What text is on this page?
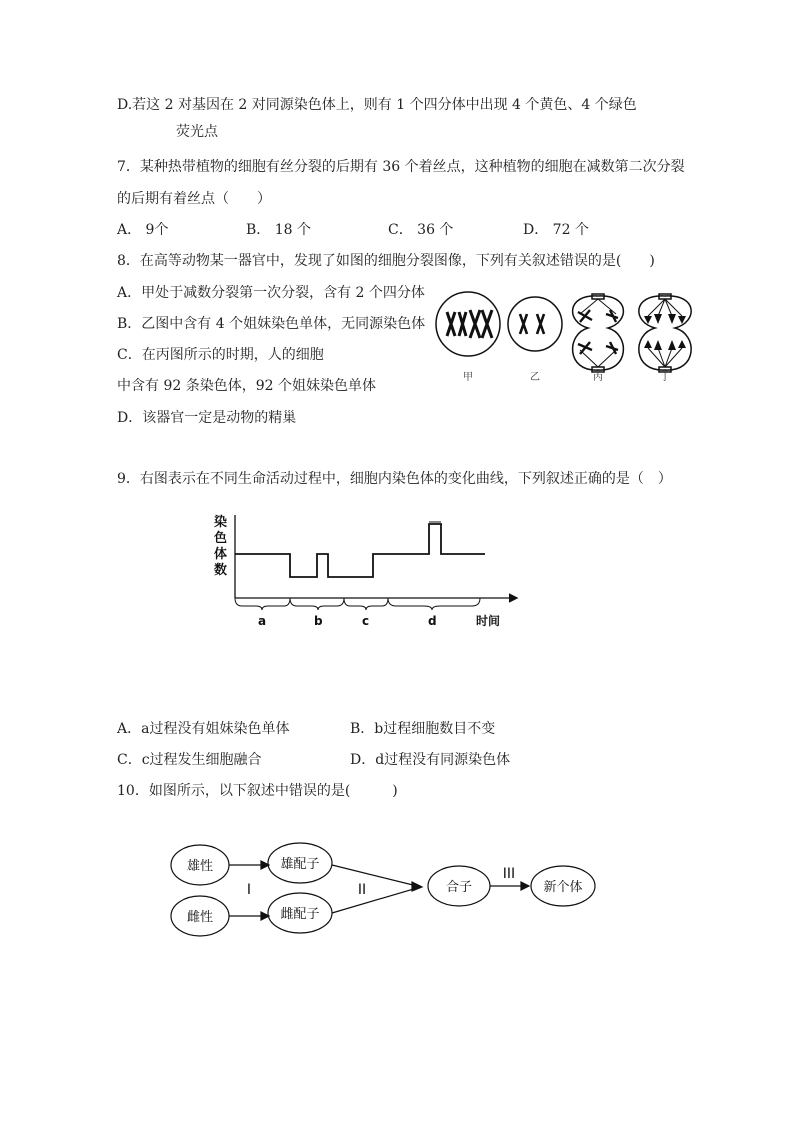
D.若这 2 对基因在 2 对同源染色体上，则有 1 个四分体中出现 4 个黄色、4 个绿色
荧光点
7．某种热带植物的细胞有丝分裂的后期有 36 个着丝点，这种植物的细胞在减数第二次分裂
的后期有着丝点（　　）
A． 9个	B． 18 个	C． 36 个	D． 72 个
8．在高等动物某一器官中，发现了如图的细胞分裂图像，下列有关叙述错误的是(　　)
A．甲处于减数分裂第一次分裂，含有 2 个四分体
B．乙图中含有 4 个姐妹染色单体，无同源染色体
C．在丙图所示的时期，人的细胞
中含有 92 条染色体，92 个姐妹染色单体
D．该器官一定是动物的精巢
甲	乙	丙	丁
9．右图表示在不同生命活动过程中，细胞内染色体的变化曲线，下列叙述正确的是（　）
染
色
体
数
a	b	c	d	时间
A．a过程没有姐妹染色单体	B．b过程细胞数目不变
C．c过程发生细胞融合	D．d过程没有同源染色体
10．如图所示，以下叙述中错误的是(　　　)
雄性
雌性
雄配子
雌配子
合子	新个体
I	II
III
